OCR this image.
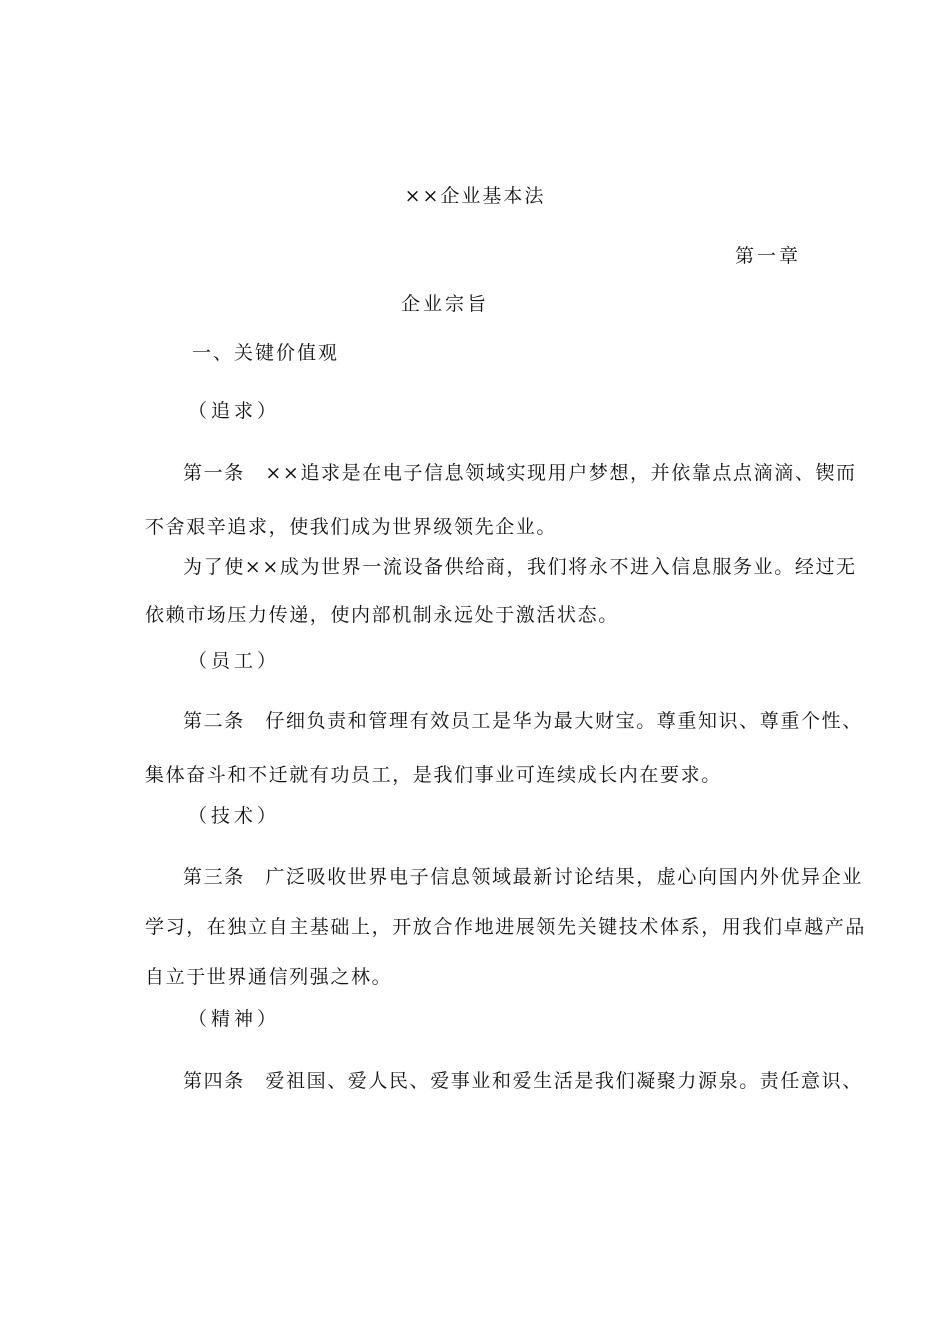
××企业基本法
第一章
企业宗旨
一、关键价值观
（追求）
第一条　××追求是在电子信息领域实现用户梦想，并依靠点点滴滴、锲而
不舍艰辛追求，使我们成为世界级领先企业。
为了使××成为世界一流设备供给商，我们将永不进入信息服务业。经过无
依赖市场压力传递，使内部机制永远处于激活状态。
（员工）
第二条　仔细负责和管理有效员工是华为最大财宝。尊重知识、尊重个性、
集体奋斗和不迁就有功员工，是我们事业可连续成长内在要求。
（技术）
第三条　广泛吸收世界电子信息领域最新讨论结果，虚心向国内外优异企业
学习，在独立自主基础上，开放合作地进展领先关键技术体系，用我们卓越产品
自立于世界通信列强之林。
（精神）
第四条　爱祖国、爱人民、爱事业和爱生活是我们凝聚力源泉。责任意识、
